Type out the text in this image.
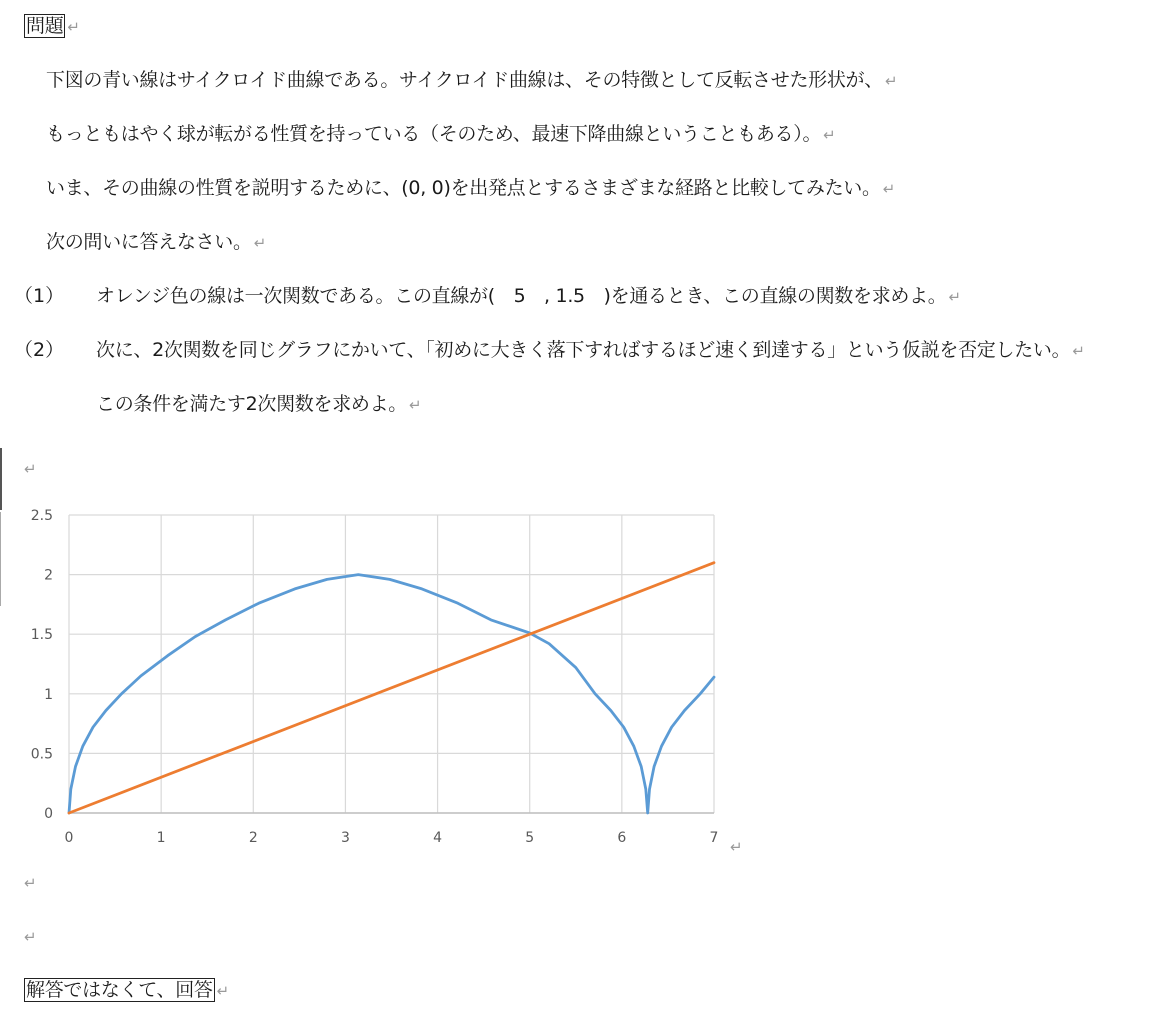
問題 ↵
下図の青い線はサイクロイド曲線である。サイクロイド曲線は、その特徴として反転させた形状が、 ↵
もっともはやく球が転がる性質を持っている（そのため、最速下降曲線ということもある）。 ↵
いま、その曲線の性質を説明するために、(0, 0)を出発点とするさまざまな経路と比較してみたい。 ↵
次の問いに答えなさい。 ↵
（1） オレンジ色の線は一次関数である。この直線が(　5　, 1.5　)を通るとき、この直線の関数を求めよ。 ↵
（2） 次に、2次関数を同じグラフにかいて、「初めに大きく落下すればするほど速く到達する」という仮説を否定したい。 ↵
この条件を満たす2次関数を求めよ。 ↵
↵
0	1	2	3	4	5	6	7
0
0.5
1
1.5
2
2.5
↵
↵
↵
解答ではなくて、回答 ↵
